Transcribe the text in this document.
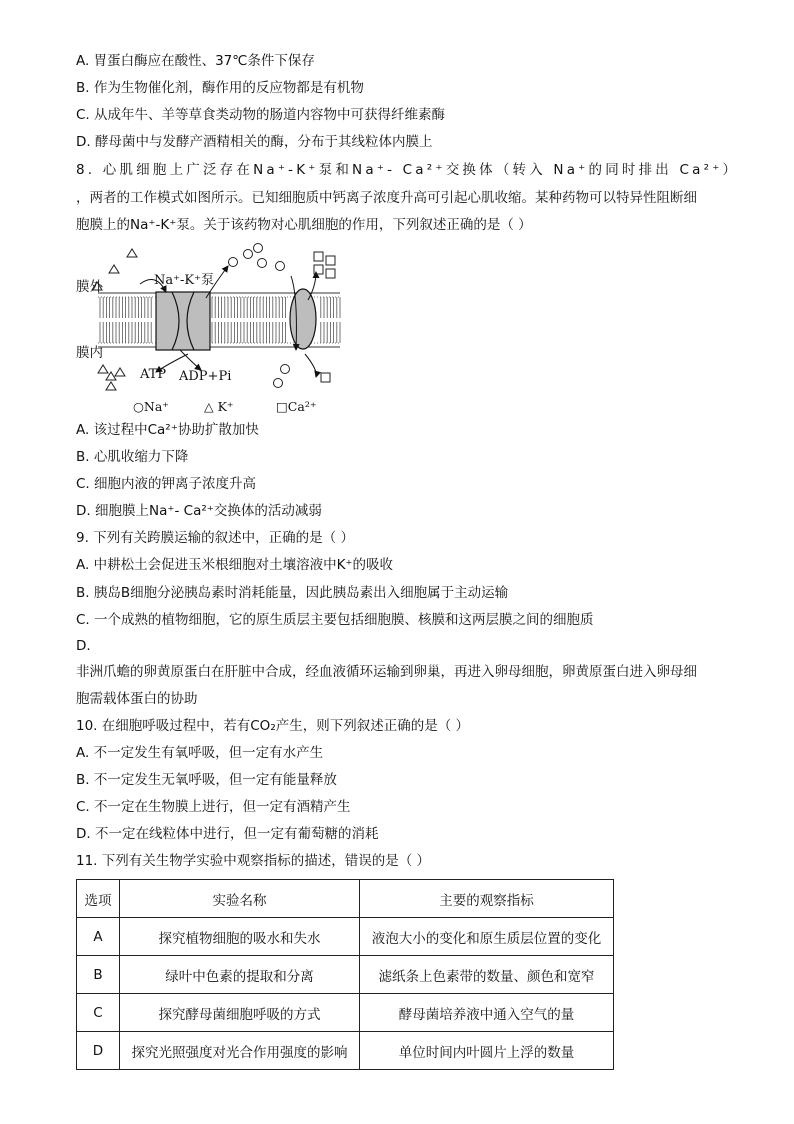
A. 胃蛋白酶应在酸性、37℃条件下保存
B. 作为生物催化剂，酶作用的反应物都是有机物
C. 从成年牛、羊等草食类动物的肠道内容物中可获得纤维素酶
D. 酵母菌中与发酵产酒精相关的酶，分布于其线粒体内膜上
8. 心肌细胞上广泛存在Na⁺-K⁺泵和Na⁺- Ca²⁺交换体（转入 Na⁺的同时排出 Ca²⁺）
，两者的工作模式如图所示。已知细胞质中钙离子浓度升高可引起心肌收缩。某种药物可以特异性阻断细
胞膜上的Na⁺-K⁺泵。关于该药物对心肌细胞的作用，下列叙述正确的是（ ）
膜外
膜内
Na⁺-K⁺泵
ATP ADP+Pi
○Na⁺	△ K⁺	□Ca²⁺
A. 该过程中Ca²⁺协助扩散加快
B. 心肌收缩力下降
C. 细胞内液的钾离子浓度升高
D. 细胞膜上Na⁺- Ca²⁺交换体的活动减弱
9. 下列有关跨膜运输的叙述中，正确的是（ ）
A. 中耕松土会促进玉米根细胞对土壤溶液中K⁺的吸收
B. 胰岛B细胞分泌胰岛素时消耗能量，因此胰岛素出入细胞属于主动运输
C. 一个成熟的植物细胞，它的原生质层主要包括细胞膜、核膜和这两层膜之间的细胞质
D.
非洲爪蟾的卵黄原蛋白在肝脏中合成，经血液循环运输到卵巢，再进入卵母细胞，卵黄原蛋白进入卵母细
胞需载体蛋白的协助
10. 在细胞呼吸过程中，若有CO₂产生，则下列叙述正确的是（ ）
A. 不一定发生有氧呼吸，但一定有水产生
B. 不一定发生无氧呼吸，但一定有能量释放
C. 不一定在生物膜上进行，但一定有酒精产生
D. 不一定在线粒体中进行，但一定有葡萄糖的消耗
11. 下列有关生物学实验中观察指标的描述，错误的是（ ）
选项	实验名称	主要的观察指标
A	探究植物细胞的吸水和失水	液泡大小的变化和原生质层位置的变化
B	绿叶中色素的提取和分离	滤纸条上色素带的数量、颜色和宽窄
C	探究酵母菌细胞呼吸的方式	酵母菌培养液中通入空气的量
D	探究光照强度对光合作用强度的影响	单位时间内叶圆片上浮的数量
